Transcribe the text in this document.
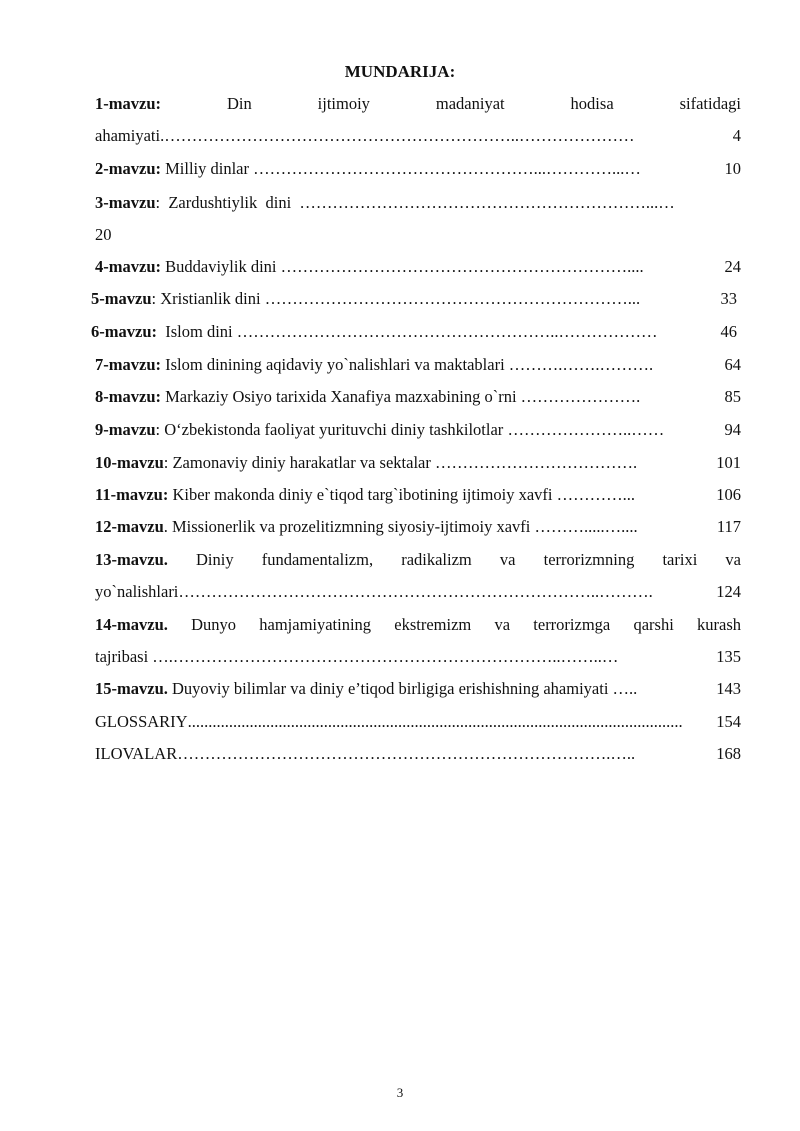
MUNDARIJA:
1-mavzu:	Din ijtimoiy madaniyat hodisa sifatidagi
ahamiyati .………………………………………………………..…………………	4
2-mavzu: Milliy dinlar ……………………………………………...…………...…	10
3-mavzu :  Zardushtiylik  dini ………………………………………………………...…
20
4-mavzu: Buddaviylik dini ………………………………………………………....	24
5-mavzu : Xristianlik dini …………………………………………………………...	33
6-mavzu: Islom dini …………………………………………………..………………	46
7-mavzu: Islom dinining aqidaviy yo`nalishlari va maktablari ……….…….……….	64
8-mavzu: Markaziy Osiyo tarixida Xanafiya mazxabining o`rni ………………….	85
9-mavzu : O‘zbekistonda faoliyat yurituvchi diniy tashkilotlar …………………..……	94
10-mavzu : Zamonaviy diniy harakatlar va sektalar ……………………………….	101
11-mavzu: Kiber makonda diniy e`tiqod targ`ibotining ijtimoiy xavfi …………...	106
12-mavzu . Missionerlik va prozelitizmning siyosiy-ijtimoiy xavfi ……….....…....	117
13-mavzu. Diniy fundamentalizm, radikalizm va terrorizmning tarixi va
yo`nalishlari …………………………………………………………………..……….	124
14-mavzu. Dunyo hamjamiyatining ekstremizm va terrorizmga qarshi kurash
tajribasi ….……………………………………………………………..……..…	135
15-mavzu. Duyoviy bilimlar va diniy e’tiqod birligiga erishishning ahamiyati …..	143
GLOSSARIY ........................................................................................................................	154
ILOVALAR …………………………………………………………………….…..	168
3
